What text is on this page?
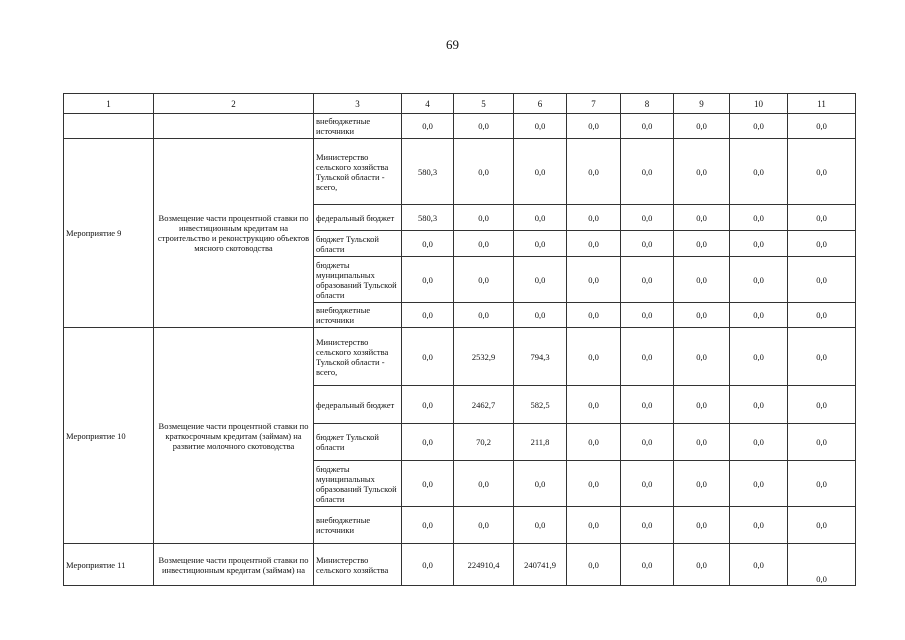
69
1	2	3	4	5	6	7	8	9	10	11
		внебюджетные источники	0,0	0,0	0,0	0,0	0,0	0,0	0,0	0,0
Мероприятие 9	Возмещение части процентной ставки по инвестиционным кредитам на строительство и реконструкцию объектов мясного скотоводства	Министерство сельского хозяйства Тульской области - всего,	580,3	0,0	0,0	0,0	0,0	0,0	0,0	0,0
		федеральный бюджет	580,3	0,0	0,0	0,0	0,0	0,0	0,0	0,0
		бюджет Тульской области	0,0	0,0	0,0	0,0	0,0	0,0	0,0	0,0
		бюджеты муниципальных образований Тульской области	0,0	0,0	0,0	0,0	0,0	0,0	0,0	0,0
		внебюджетные источники	0,0	0,0	0,0	0,0	0,0	0,0	0,0	0,0
Мероприятие 10	Возмещение части процентной ставки по краткосрочным кредитам (займам) на развитие молочного скотоводства	Министерство сельского хозяйства Тульской области - всего,	0,0	2532,9	794,3	0,0	0,0	0,0	0,0	0,0
		федеральный бюджет	0,0	2462,7	582,5	0,0	0,0	0,0	0,0	0,0
		бюджет Тульской области	0,0	70,2	211,8	0,0	0,0	0,0	0,0	0,0
		бюджеты муниципальных образований Тульской области	0,0	0,0	0,0	0,0	0,0	0,0	0,0	0,0
		внебюджетные источники	0,0	0,0	0,0	0,0	0,0	0,0	0,0	0,0
Мероприятие 11	Возмещение части процентной ставки по инвестиционным кредитам (займам) на	Министерство сельского хозяйства	0,0	224910,4	240741,9	0,0	0,0	0,0	0,0	0,0
